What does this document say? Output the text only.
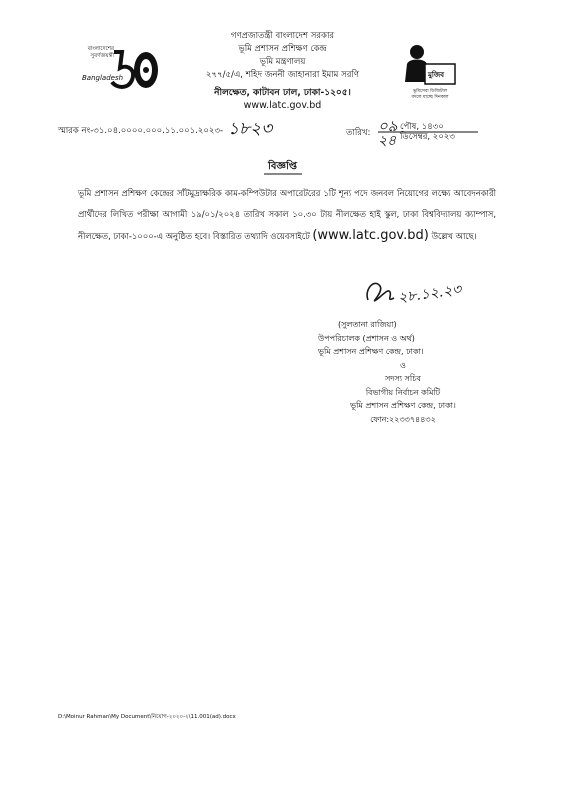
বাংলাদেশের সুবর্ণজয়ন্তী
Bangladesh
গণপ্রজাতন্ত্রী বাংলাদেশ সরকার
ভূমি প্রশাসন প্রশিক্ষণ কেন্দ্র
ভূমি মন্ত্রণালয়
২৭৭/৫/এ, শহিদ জননী জাহানারা ইমাম সরণি
নীলক্ষেত, কাটাবন ঢাল, ঢাকা-১২০৫।
www.latc.gov.bd
মুজিব
ভূমিসেবা ডিজিটাল
বদলে যাচ্ছে দিনকাল
স্মারক নং-৩১.০৪.০০০০.০০০.১১.০০১.২০২৩- ১৮২৩	তারিখ: ০৯ পৌষ, ১৪৩০
২৪ ডিসেম্বর, ২০২৩
বিজ্ঞপ্তি
ভূমি প্রশাসন প্রশিক্ষণ কেন্দ্রের সাঁটমুদ্রাক্ষরিক কাম-কম্পিউটার অপারেটরের ১টি শূন্য পদে জনবল নিয়োগের লক্ষ্যে আবেদনকারী প্রার্থীদের লিখিত পরীক্ষা আগামী ১৯/০১/২০২৪ তারিখ সকাল ১০.৩০ টায় নীলক্ষেত হাই স্কুল, ঢাকা বিশ্ববিদ্যালয় ক্যাম্পাস, নীলক্ষেত, ঢাকা-১০০০-এ অনুষ্ঠিত হবে। বিস্তারিত তথ্যাদি ওয়েবসাইটে (www.latc.gov.bd) উল্লেখ আছে।
২৮.১২.২৩
(সুলতানা রাজিয়া)
উপপরিচালক (প্রশাসন ও অর্থ)
ভূমি প্রশাসন প্রশিক্ষণ কেন্দ্র, ঢাকা।
ও
সদস্য সচিব
বিভাগীয় নির্বাচন কমিটি
ভূমি প্রশাসন প্রশিক্ষণ কেন্দ্র, ঢাকা।
ফোন:২২৩৩৭৪৪৩২
D:\Moinur Rahman\My Document\নিয়োগ-২০২০-২\11.001(ad).docx
